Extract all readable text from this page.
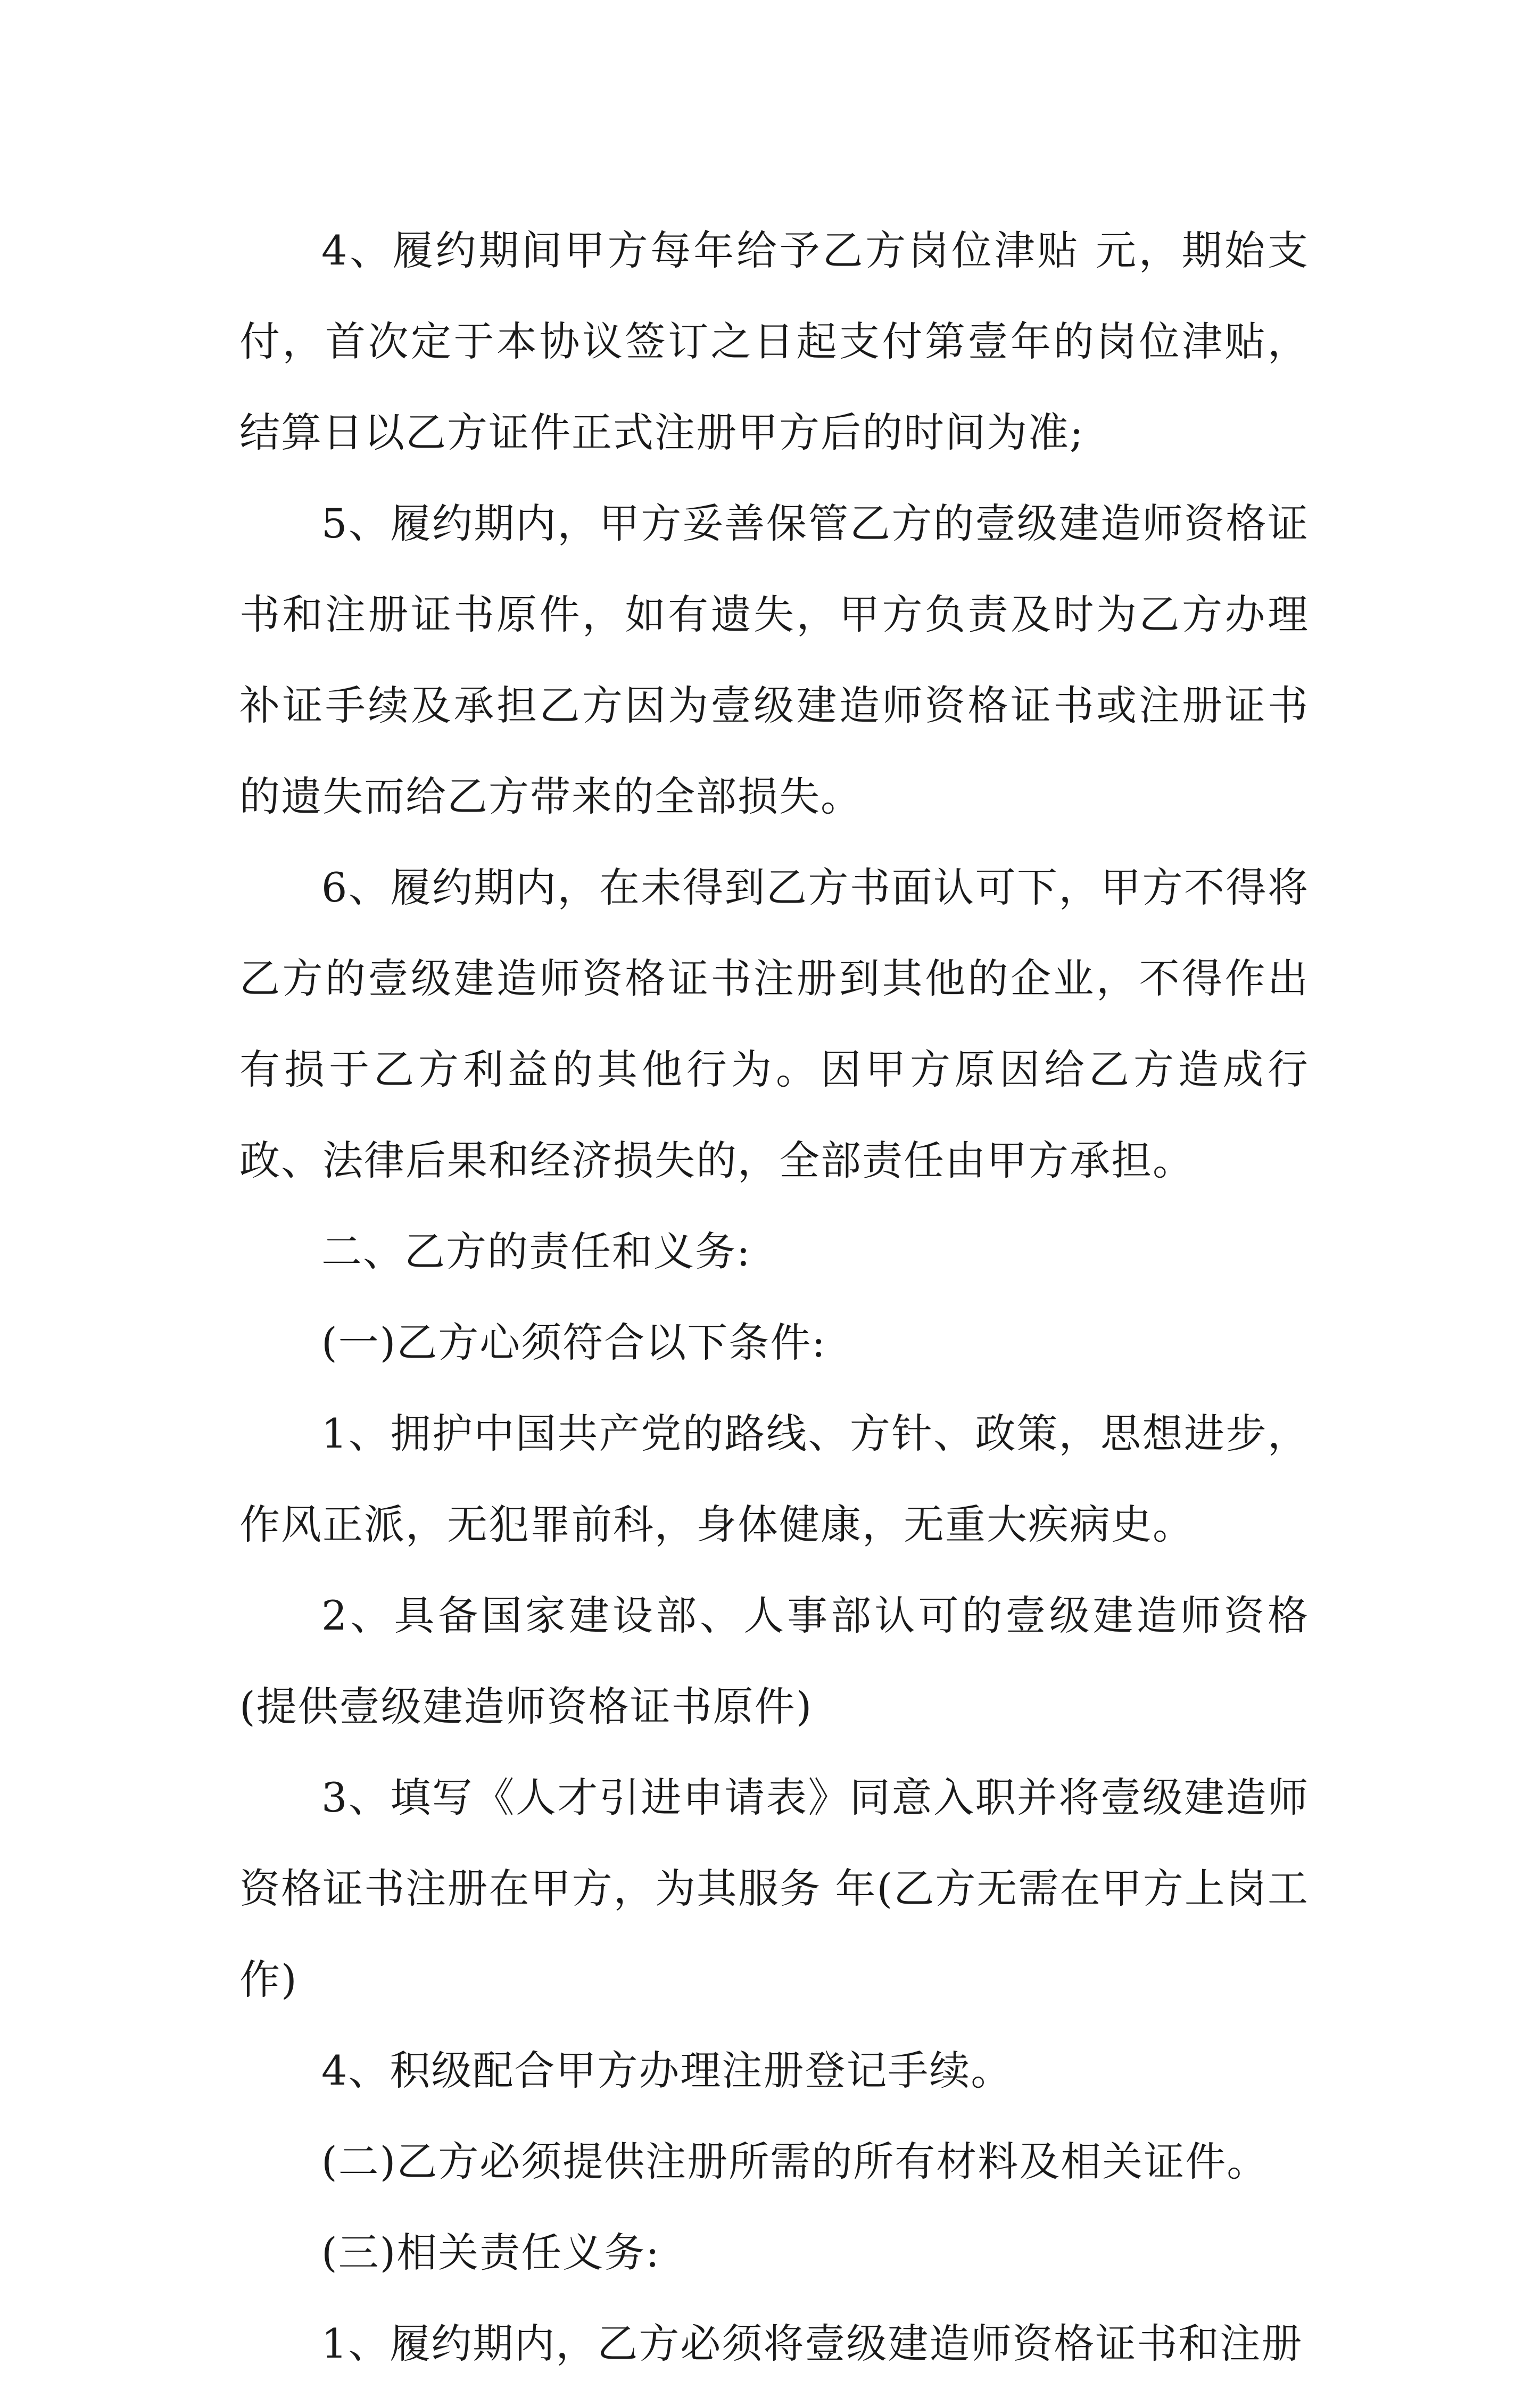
4、履约期间甲方每年给予乙方岗位津贴 元，期始支付，首次定于本协议签订之日起支付第壹年的岗位津贴，结算日以乙方证件正式注册甲方后的时间为准;

5、履约期内，甲方妥善保管乙方的壹级建造师资格证书和注册证书原件，如有遗失，甲方负责及时为乙方办理补证手续及承担乙方因为壹级建造师资格证书或注册证书的遗失而给乙方带来的全部损失。

6、履约期内，在未得到乙方书面认可下，甲方不得将乙方的壹级建造师资格证书注册到其他的企业，不得作出有损于乙方利益的其他行为。因甲方原因给乙方造成行政、法律后果和经济损失的，全部责任由甲方承担。

二、乙方的责任和义务:

(一)乙方心须符合以下条件:

1、拥护中国共产党的路线、方针、政策，思想进步，作风正派，无犯罪前科，身体健康，无重大疾病史。

2、具备国家建设部、人事部认可的壹级建造师资格(提供壹级建造师资格证书原件)

3、填写《人才引进申请表》同意入职并将壹级建造师资格证书注册在甲方，为其服务 年(乙方无需在甲方上岗工作)

4、积级配合甲方办理注册登记手续。

(二)乙方必须提供注册所需的所有材料及相关证件。

(三)相关责任义务:

1、履约期内，乙方必须将壹级建造师资格证书和注册
